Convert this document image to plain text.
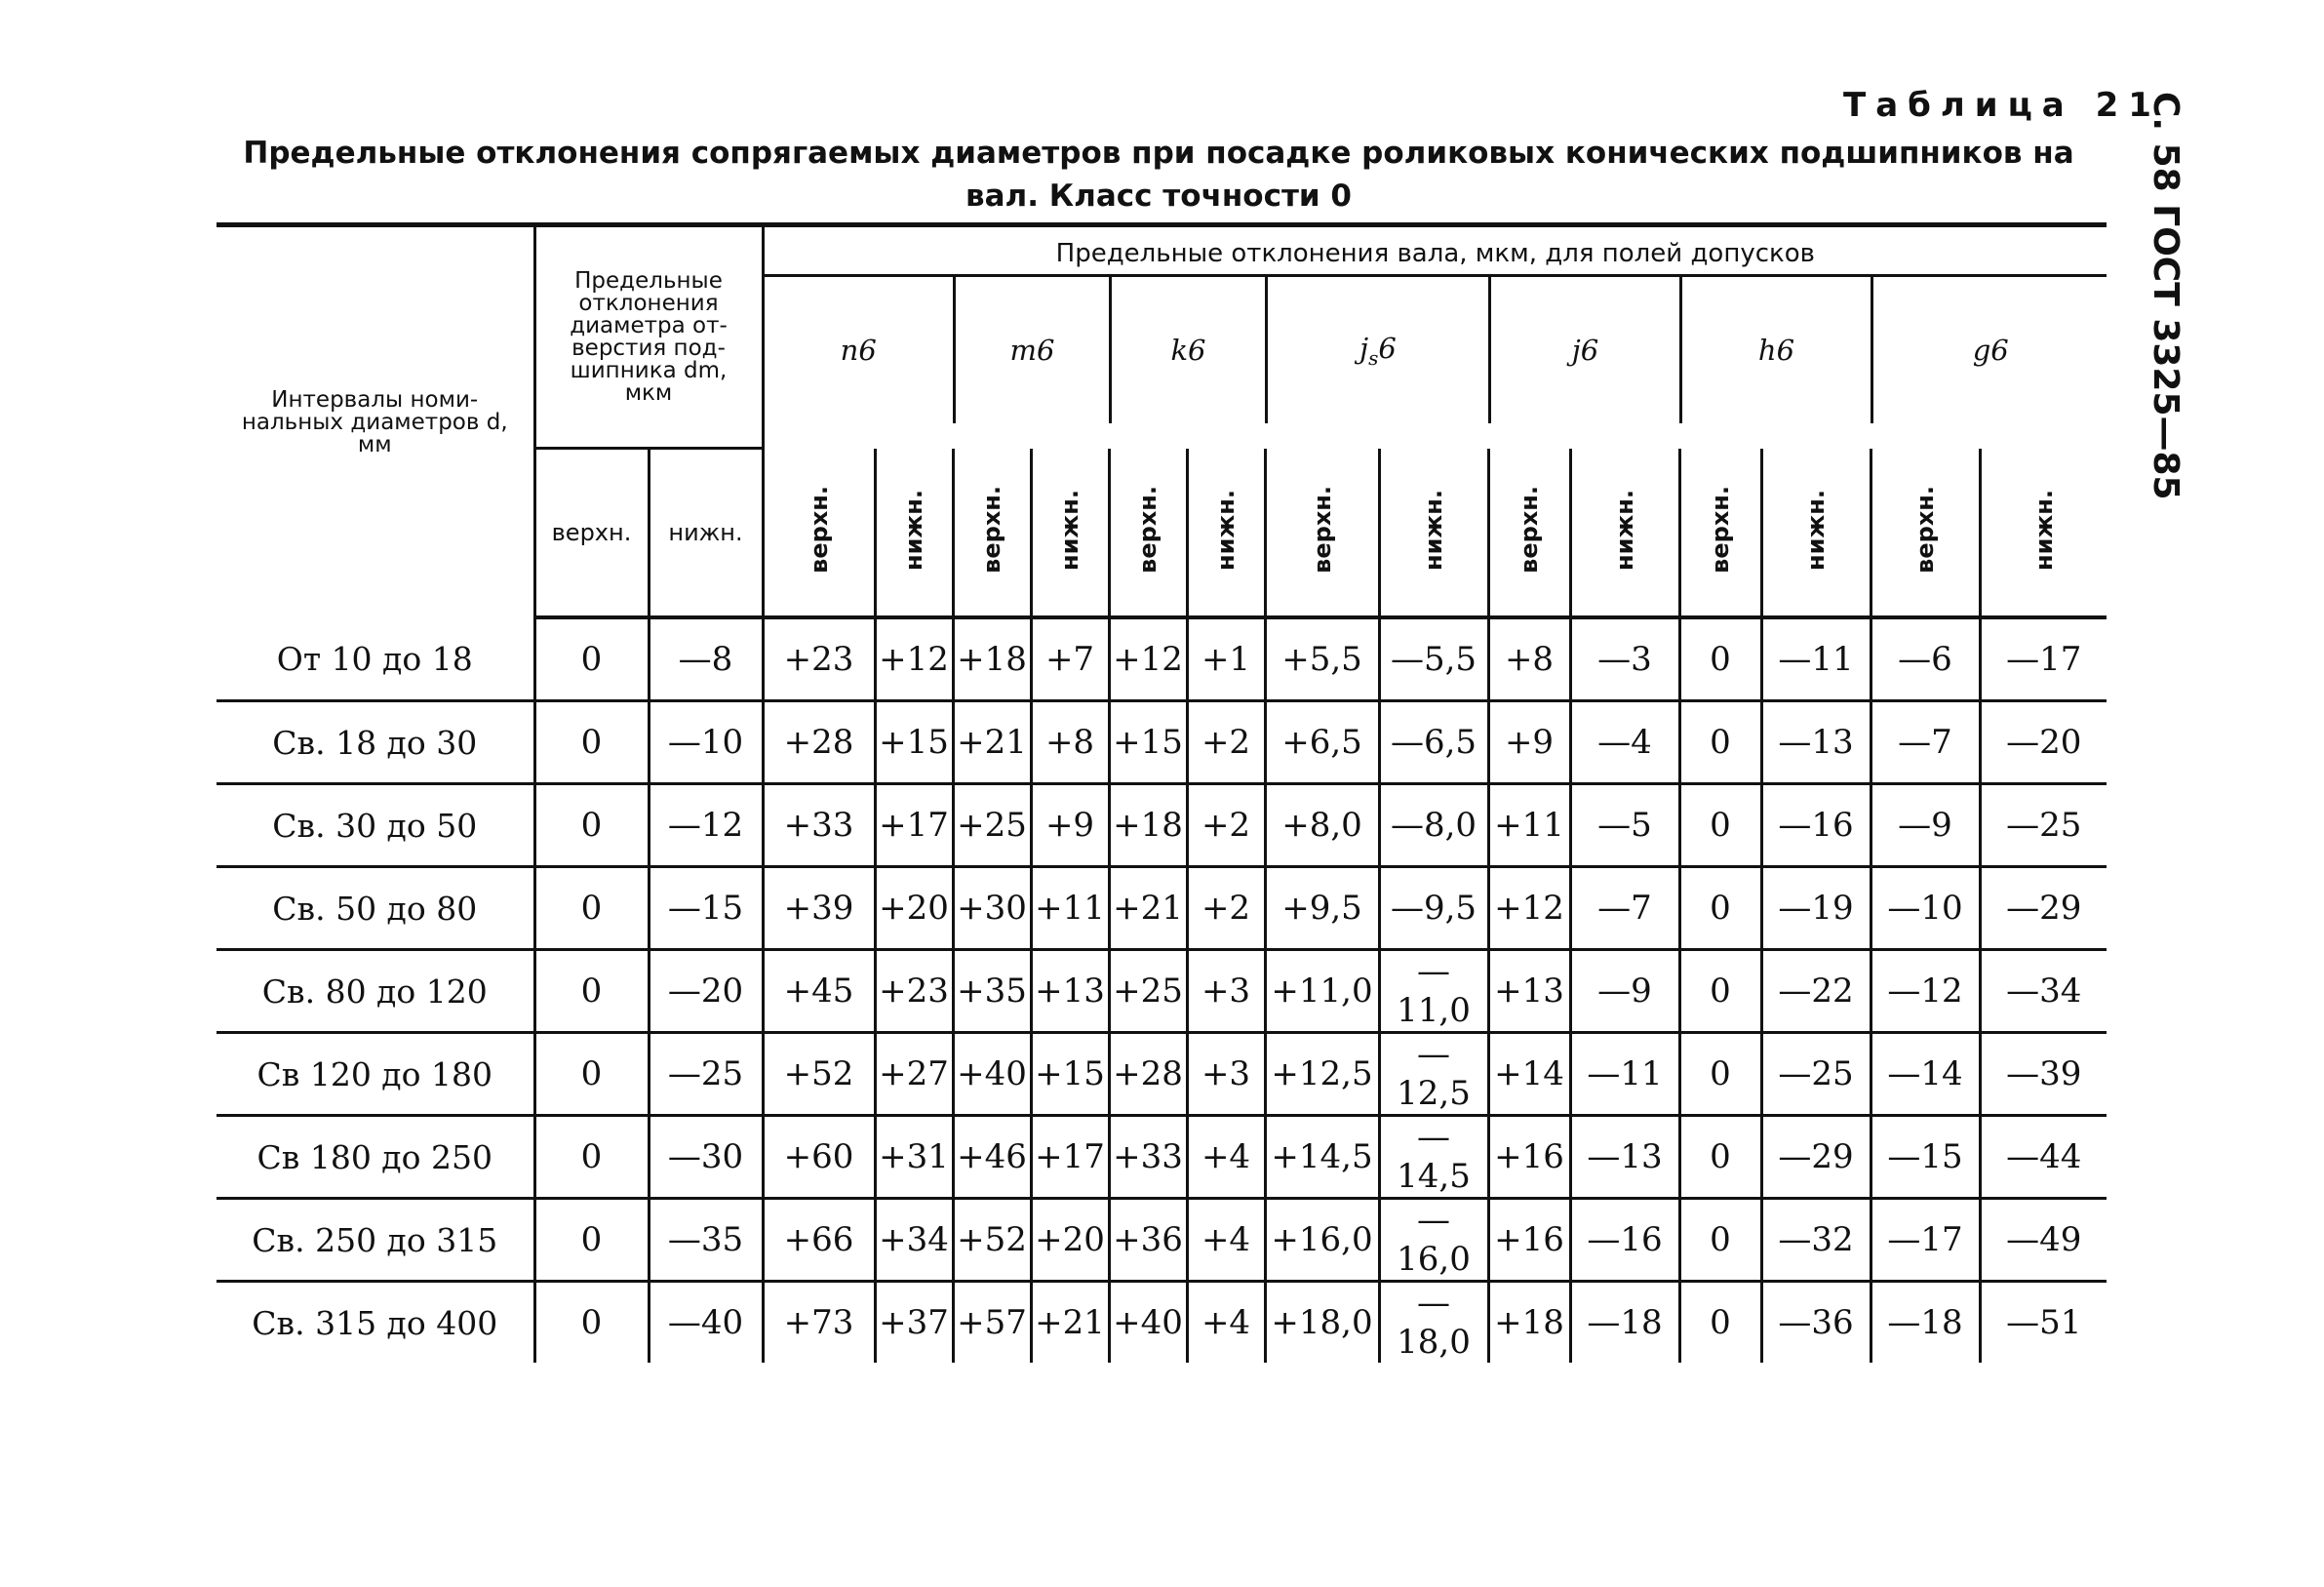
С. 58 ГОСТ 3325—85
Таблица 21
Предельные отклонения сопрягаемых диаметров при посадке роликовых конических подшипников на
вал. Класс точности 0
Интервалы номи-нальных диаметров d, мм	Предельные отклонения диаметра от-верстия под-шипника dm, мкм	
Предельные отклонения вала, мкм, для полей допусков
n6	m6	k6	$j_s6$	j6	h6	g6

верхн.	нижн.	верхн.	нижн.	верхн.	нижн.	верхн.	нижн.	верхн.	нижн.	верхн.	нижн.	верхн.	нижн.	верхн.	нижн.
От 10 до 18	0	—8	+23	+12	+18	+7	+12	+1	+5,5	—5,5	+8	—3	0	—11	—6	—17
Св. 18 до 30	0	—10	+28	+15	+21	+8	+15	+2	+6,5	—6,5	+9	—4	0	—13	—7	—20
Св. 30 до 50	0	—12	+33	+17	+25	+9	+18	+2	+8,0	—8,0	+11	—5	0	—16	—9	—25
Св. 50 до 80	0	—15	+39	+20	+30	+11	+21	+2	+9,5	—9,5	+12	—7	0	—19	—10	—29
Св. 80 до 120	0	—20	+45	+23	+35	+13	+25	+3	+11,0	—11,0	+13	—9	0	—22	—12	—34
Св 120 до 180	0	—25	+52	+27	+40	+15	+28	+3	+12,5	—12,5	+14	—11	0	—25	—14	—39
Св 180 до 250	0	—30	+60	+31	+46	+17	+33	+4	+14,5	—14,5	+16	—13	0	—29	—15	—44
Св. 250 до 315	0	—35	+66	+34	+52	+20	+36	+4	+16,0	—16,0	+16	—16	0	—32	—17	—49
Св. 315 до 400	0	—40	+73	+37	+57	+21	+40	+4	+18,0	—18,0	+18	—18	0	—36	—18	—51
